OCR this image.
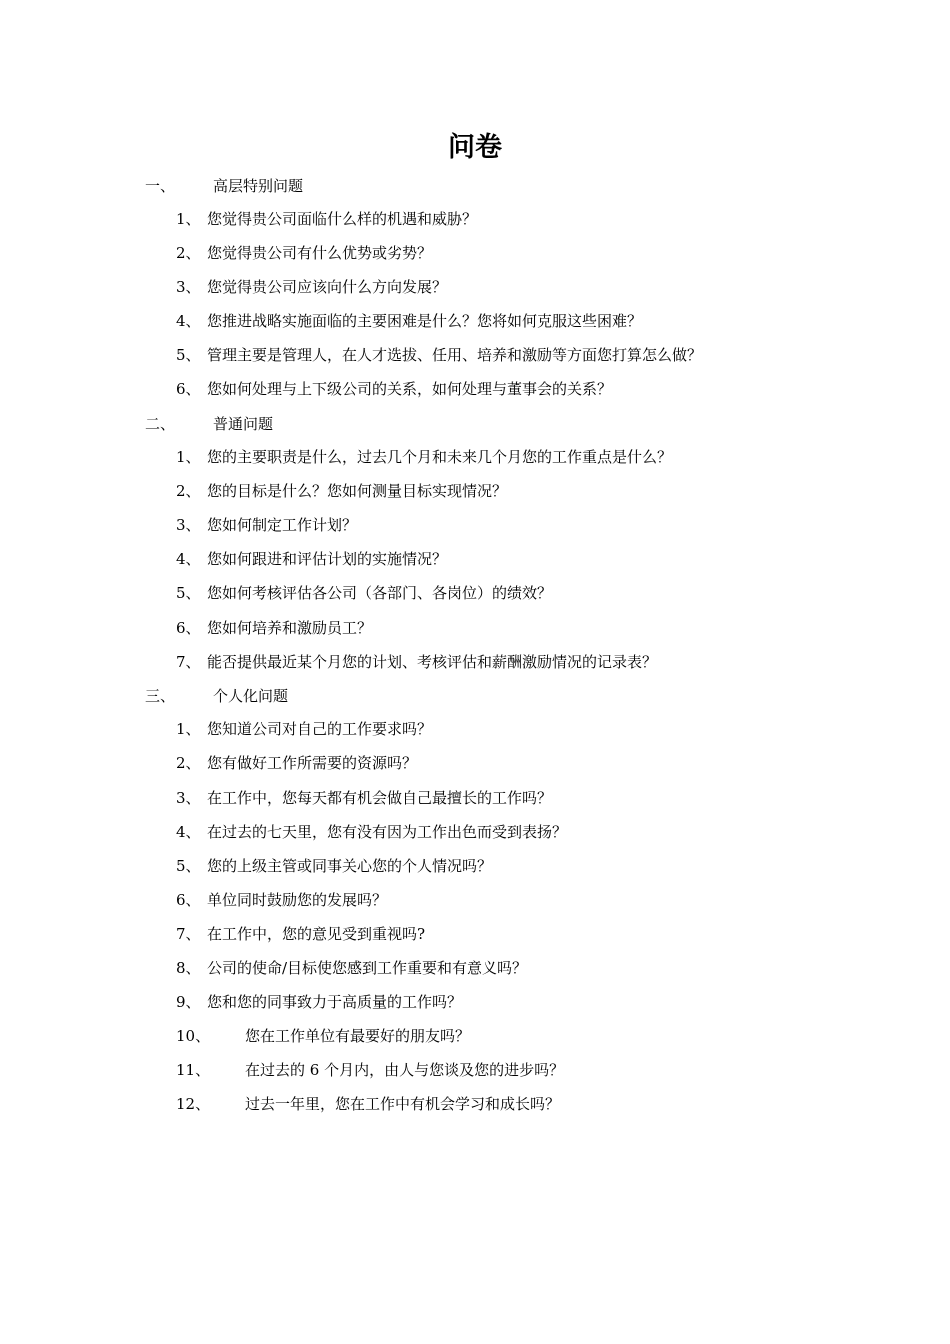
问卷
一、	高层特别问题
1、 您觉得贵公司面临什么样的机遇和威胁？
2、 您觉得贵公司有什么优势或劣势？
3、 您觉得贵公司应该向什么方向发展？
4、 您推进战略实施面临的主要困难是什么？您将如何克服这些困难？
5、 管理主要是管理人，在人才选拔、任用、培养和激励等方面您打算怎么做？
6、 您如何处理与上下级公司的关系，如何处理与董事会的关系？
二、	普通问题
1、 您的主要职责是什么，过去几个月和未来几个月您的工作重点是什么？
2、 您的目标是什么？您如何测量目标实现情况？
3、 您如何制定工作计划？
4、 您如何跟进和评估计划的实施情况？
5、 您如何考核评估各公司（各部门、各岗位）的绩效？
6、 您如何培养和激励员工？
7、 能否提供最近某个月您的计划、考核评估和薪酬激励情况的记录表？
三、	个人化问题
1、 您知道公司对自己的工作要求吗？
2、 您有做好工作所需要的资源吗？
3、 在工作中，您每天都有机会做自己最擅长的工作吗？
4、 在过去的七天里，您有没有因为工作出色而受到表扬？
5、 您的上级主管或同事关心您的个人情况吗？
6、 单位同时鼓励您的发展吗？
7、 在工作中，您的意见受到重视吗?
8、 公司的使命/目标使您感到工作重要和有意义吗？
9、 您和您的同事致力于高质量的工作吗？
10、 您在工作单位有最要好的朋友吗？
11、 在过去的 6 个月内，由人与您谈及您的进步吗？
12、 过去一年里，您在工作中有机会学习和成长吗？
